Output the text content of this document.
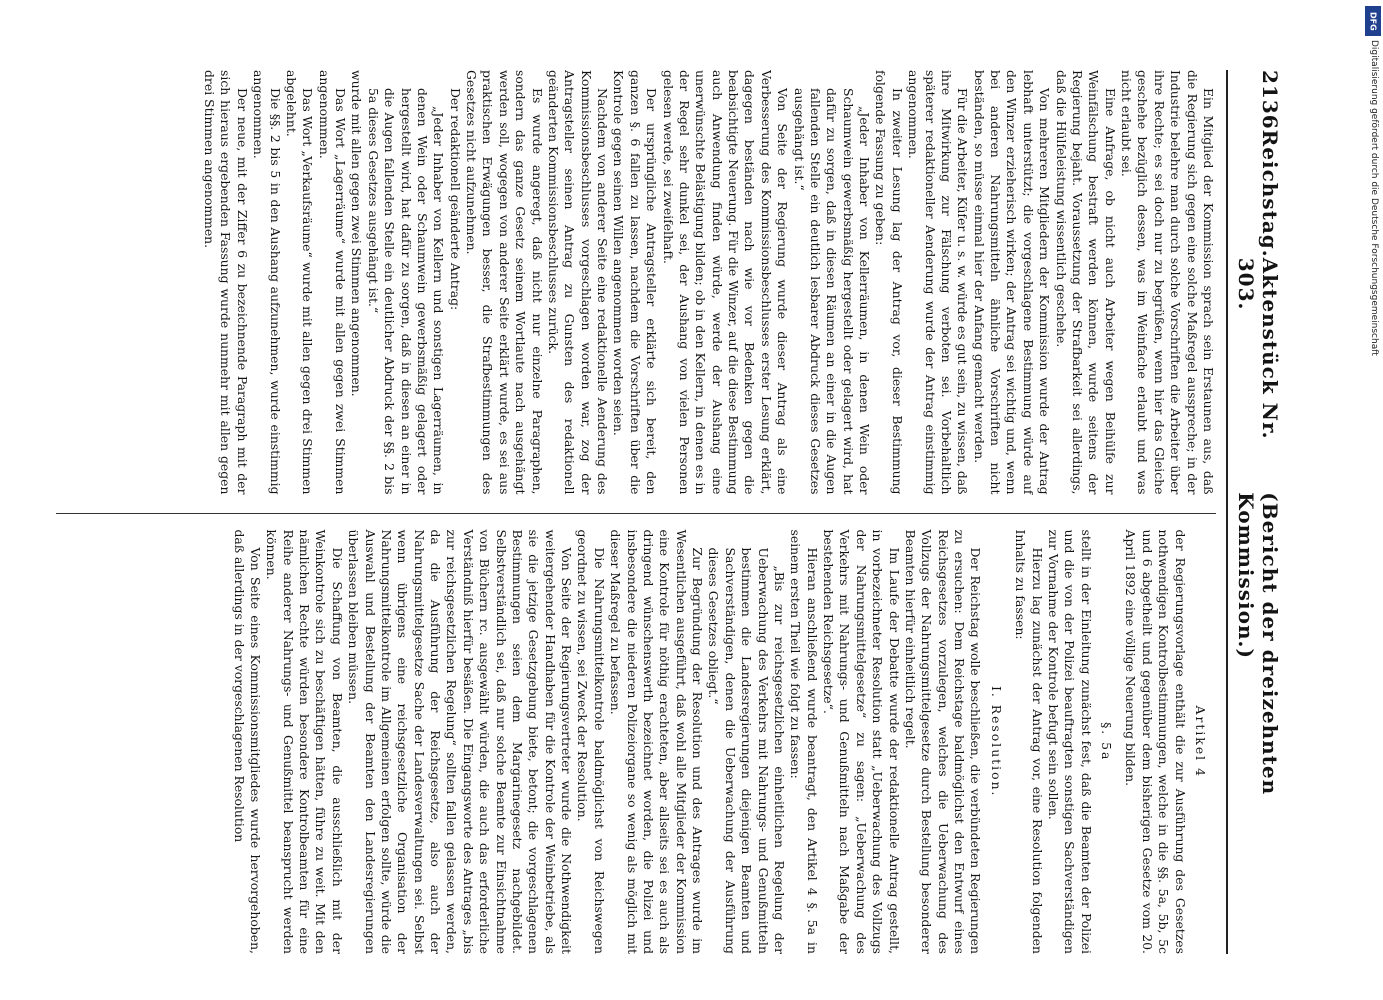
2136
Reichstag.
Aktenstück Nr. 303.
(Bericht der dreizehnten Kommission.)

Ein Mitglied der Kommission sprach sein Erstaunen aus, daß die Regierung sich gegen eine solche Maßregel ausspreche; in der Industrie belehre man durch solche Vorschriften die Arbeiter über ihre Rechte; es sei doch nur zu begrüßen, wenn hier das Gleiche geschehe bezüglich dessen, was im Weinfache erlaubt und was nicht erlaubt sei.

Eine Anfrage, ob nicht auch Arbeiter wegen Beihülfe zur Weinfälschung bestraft werden können, wurde seitens der Regierung bejaht. Voraussetzung der Strafbarkeit sei allerdings, daß die Hülfeleistung wissentlich geschehe.

Von mehreren Mitgliedern der Kommission wurde der Antrag lebhaft unterstützt; die vorgeschlagene Bestimmung würde auf den Winzer erzieherisch wirken; der Antrag sei wichtig und, wenn bei anderen Nahrungsmitteln ähnliche Vorschriften nicht beständen, so müsse einmal hier der Anfang gemacht werden.

Für die Arbeiter, Küfer u. s. w. würde es gut sein, zu wissen, daß ihre Mitwirkung zur Fälschung verboten sei. Vorbehaltlich späterer redaktioneller Aenderung wurde der Antrag einstimmig angenommen.

In zweiter Lesung lag der Antrag vor, dieser Bestimmung folgende Fassung zu geben:

„Jeder Inhaber von Kellerräumen, in denen Wein oder Schaumwein gewerbsmäßig hergestellt oder gelagert wird, hat dafür zu sorgen, daß in diesen Räumen an einer in die Augen fallenden Stelle ein deutlich lesbarer Abdruck dieses Gesetzes ausgehängt ist.“

Von Seite der Regierung wurde dieser Antrag als eine Verbesserung des Kommissionsbeschlusses erster Lesung erklärt, dagegen beständen nach wie vor Bedenken gegen die beabsichtigte Neuerung. Für die Winzer, auf die diese Bestimmung auch Anwendung finden würde, werde der Aushang eine unerwünschte Belästigung bilden; ob in den Kellern, in denen es in der Regel sehr dunkel sei, der Aushang von vielen Personen gelesen werde, sei zweifelhaft.

Der ursprüngliche Antragsteller erklärte sich bereit, den ganzen §. 6 fallen zu lassen, nachdem die Vorschriften über die Kontrole gegen seinen Willen angenommen worden seien.

Nachdem von anderer Seite eine redaktionelle Aenderung des Kommissionsbeschlusses vorgeschlagen worden war, zog der Antragsteller seinen Antrag zu Gunsten des redaktionell geänderten Kommissionsbeschlusses zurück.

Es wurde angeregt, daß nicht nur einzelne Paragraphen, sondern das ganze Gesetz seinem Wortlaute nach ausgehängt werden soll, wogegen von anderer Seite erklärt wurde, es sei aus praktischen Erwägungen besser, die Strafbestimmungen des Gesetzes nicht aufzunehmen.

Der redaktionell geänderte Antrag:

„Jeder Inhaber von Kellern und sonstigen Lagerräumen, in denen Wein oder Schaumwein gewerbsmäßig gelagert oder hergestellt wird, hat dafür zu sorgen, daß in diesen an einer in die Augen fallenden Stelle ein deutlicher Abdruck der §§. 2 bis 5a dieses Gesetzes ausgehängt ist.“

wurde mit allen gegen zwei Stimmen angenommen.

Das Wort „Lagerräume“ wurde mit allen gegen zwei Stimmen angenommen.

Das Wort „Verkaufsräume“ wurde mit allen gegen drei Stimmen abgelehnt.

Die §§. 2 bis 5 in den Aushang aufzunehmen, wurde einstimmig angenommen.

Der neue, mit der Ziffer 6 zu bezeichnende Paragraph mit der sich hieraus ergebenden Fassung wurde nunmehr mit allen gegen drei Stimmen angenommen.

Artikel 4

der Regierungsvorlage enthält die zur Ausführung des Gesetzes nothwendigen Kontrolbestimmungen, welche in die §§. 5a, 5b, 5c und 6 abgetheilt und gegenüber dem bisherigen Gesetze vom 20. April 1892 eine völlige Neuerung bilden.

§. 5a

stellt in der Einleitung zunächst fest, daß die Beamten der Polizei und die von der Polizei beauftragten sonstigen Sachverständigen zur Vornahme der Kontrole befugt sein sollen.

Hierzu lag zunächst der Antrag vor, eine Resolution folgenden Inhalts zu fassen:

I. Resolution.

Der Reichstag wolle beschließen, die verbündeten Regierungen zu ersuchen: Dem Reichstage baldmöglichst den Entwurf eines Reichsgesetzes vorzulegen, welches die Ueberwachung des Vollzugs der Nahrungsmittelgesetze durch Bestellung besonderer Beamten hierfür einheitlich regelt.

Im Laufe der Debatte wurde der redaktionelle Antrag gestellt, in vorbezeichneter Resolution statt „Ueberwachung des Vollzugs der Nahrungsmittelgesetze“ zu sagen: „Ueberwachung des Verkehrs mit Nahrungs- und Genußmitteln nach Maßgabe der bestehenden Reichsgesetze“.

Hieran anschließend wurde beantragt, den Artikel 4 §. 5a in seinem ersten Theil wie folgt zu fassen:

„Bis zur reichsgesetzlichen einheitlichen Regelung der Ueberwachung des Verkehrs mit Nahrungs- und Genußmitteln bestimmen die Landesregierungen diejenigen Beamten und Sachverständigen, denen die Ueberwachung der Ausführung dieses Gesetzes obliegt.“

Zur Begründung der Resolution und des Antrages wurde im Wesentlichen ausgeführt, daß wohl alle Mitglieder der Kommission eine Kontrole für nöthig erachteten, aber allseits sei es auch als dringend wünschenswerth bezeichnet worden, die Polizei und insbesondere die niederen Polizeiorgane so wenig als möglich mit dieser Maßregel zu befassen.

Die Nahrungsmittelkontrole baldmöglichst von Reichswegen geordnet zu wissen, sei Zweck der Resolution.

Von Seite der Regierungsvertreter wurde die Nothwendigkeit weitergehender Handhaben für die Kontrole der Weinbetriebe, als sie die jetzige Gesetzgebung biete, betont; die vorgeschlagenen Bestimmungen seien dem Margarinegesetz nachgebildet. Selbstverständlich sei, daß nur solche Beamte zur Einsichtnahme von Büchern rc. ausgewählt würden, die auch das erforderliche Verständniß hierfür besäßen. Die Eingangsworte des Antrages „bis zur reichsgesetzlichen Regelung“ sollten fallen gelassen werden, da die Ausführung der Reichsgesetze, also auch der Nahrungsmittelgesetze Sache der Landesverwaltungen sei. Selbst wenn übrigens eine reichsgesetzliche Organisation der Nahrungsmittelkontrole im Allgemeinen erfolgen sollte, würde die Auswahl und Bestellung der Beamten den Landesregierungen überlassen bleiben müssen.

Die Schaffung von Beamten, die ausschließlich mit der Weinkontrole sich zu beschäftigen hätten, führe zu weit. Mit den nämlichen Rechte würden besondere Kontrolbeamten für eine Reihe anderer Nahrungs- und Genußmittel beansprucht werden können.

Von Seite eines Kommissionsmitgliedes wurde hervorgehoben, daß allerdings in der vorgeschlagenen Resolution

DFG
Digitalisierung gefördert durch die Deutsche Forschungsgemeinschaft
